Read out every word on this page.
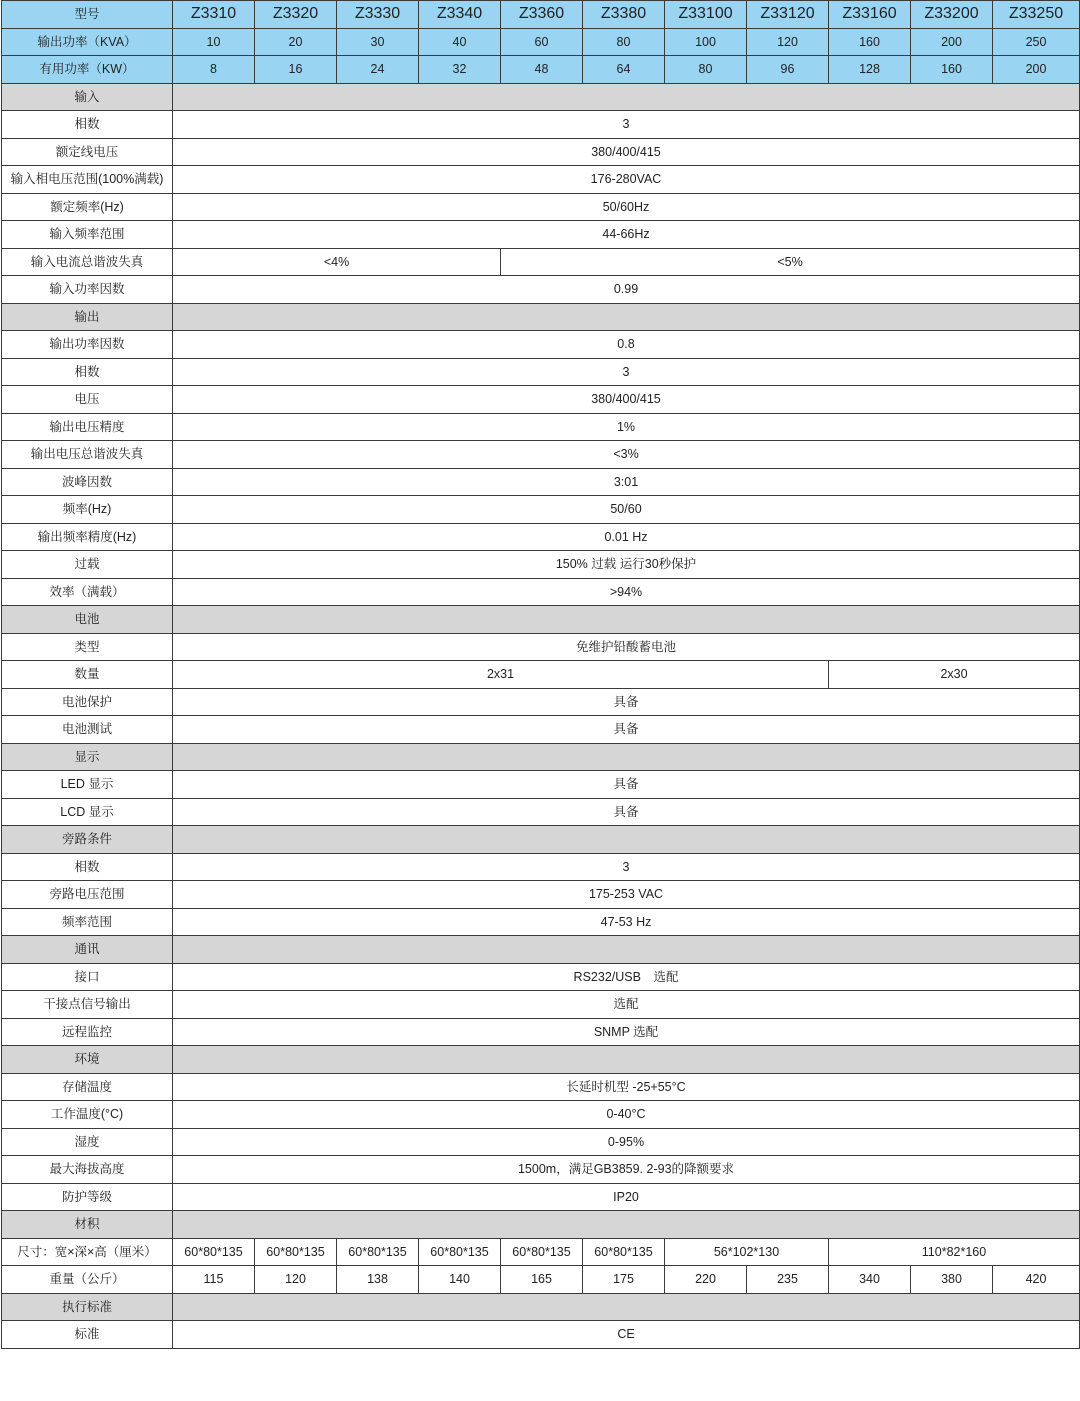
型号	Z3310	Z3320	Z3330	Z3340	Z3360	Z3380	Z33100	Z33120	Z33160	Z33200	Z33250
输出功率（KVA）	10	20	30	40	60	80	100	120	160	200	250
有用功率（KW）	8	16	24	32	48	64	80	96	128	160	200
输入											
相数	3										
额定线电压	380/400/415										
输入相电压范围(100%满载)	176-280VAC										
额定频率(Hz)	50/60Hz										
输入频率范围	44-66Hz										
输入电流总谐波失真	<4%				<5%						
输入功率因数	0.99										
输出											
输出功率因数	0.8										
相数	3										
电压	380/400/415										
输出电压精度	1%										
输出电压总谐波失真	<3%										
波峰因数	3:01										
频率(Hz)	50/60										
输出频率精度(Hz)	0.01 Hz										
过载	150% 过载 运行30秒保护										
效率（满载）	>94%										
电池											
类型	免维护铅酸蓄电池										
数量	2x31								2x30		
电池保护	具备										
电池测试	具备										
显示											
LED 显示	具备										
LCD 显示	具备										
旁路条件											
相数	3										
旁路电压范围	175-253 VAC										
频率范围	47-53 Hz										
通讯											
接口	RS232/USB　选配										
干接点信号输出	选配										
远程监控	SNMP 选配										
环境											
存储温度	长延时机型 -25+55°C										
工作温度(°C)	0-40°C										
湿度	0-95%										
最大海拔高度	1500m，满足GB3859. 2-93的降额要求										
防护等级	IP20										
材积											
尺寸：宽×深×高（厘米）	60*80*135	60*80*135	60*80*135	60*80*135	60*80*135	60*80*135	56*102*130		110*82*160		
重量（公斤）	115	120	138	140	165	175	220	235	340	380	420
执行标准											
标准	CE										
